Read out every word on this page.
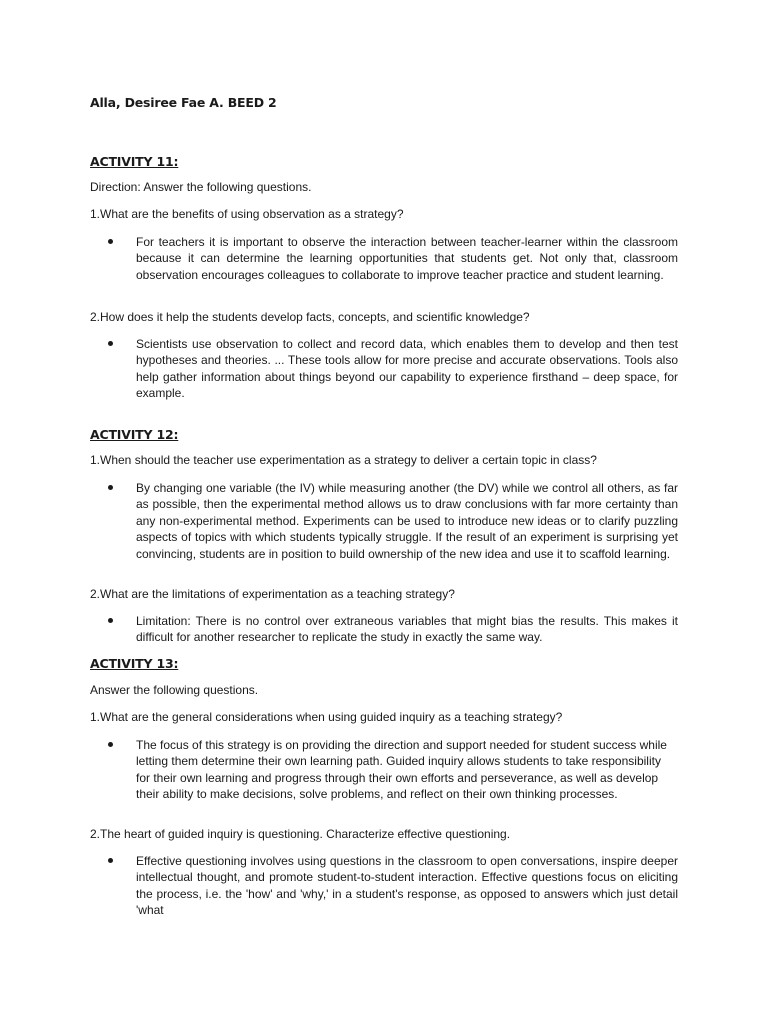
Alla, Desiree Fae A. BEED 2
ACTIVITY 11:
Direction: Answer the following questions.
1.What are the benefits of using observation as a strategy?
For teachers it is important to observe the interaction between teacher-learner within the classroom because it can determine the learning opportunities that students get. Not only that, classroom observation encourages colleagues to collaborate to improve teacher practice and student learning.
2.How does it help the students develop facts, concepts, and scientific knowledge?
Scientists use observation to collect and record data, which enables them to develop and then test hypotheses and theories. ... These tools allow for more precise and accurate observations. Tools also help gather information about things beyond our capability to experience firsthand – deep space, for example.
ACTIVITY 12:
1.When should the teacher use experimentation as a strategy to deliver a certain topic in class?
By changing one variable (the IV) while measuring another (the DV) while we control all others, as far as possible, then the experimental method allows us to draw conclusions with far more certainty than any non-experimental method. Experiments can be used to introduce new ideas or to clarify puzzling aspects of topics with which students typically struggle. If the result of an experiment is surprising yet convincing, students are in position to build ownership of the new idea and use it to scaffold learning.
2.What are the limitations of experimentation as a teaching strategy?
Limitation: There is no control over extraneous variables that might bias the results. This makes it difficult for another researcher to replicate the study in exactly the same way.
ACTIVITY 13:
Answer the following questions.
1.What are the general considerations when using guided inquiry as a teaching strategy?
The focus of this strategy is on providing the direction and support needed for student success while letting them determine their own learning path. Guided inquiry allows students to take responsibility for their own learning and progress through their own efforts and perseverance, as well as develop their ability to make decisions, solve problems, and reflect on their own thinking processes.
2.The heart of guided inquiry is questioning. Characterize effective questioning.
Effective questioning involves using questions in the classroom to open conversations, inspire deeper intellectual thought, and promote student-to-student interaction. Effective questions focus on eliciting the process, i.e. the 'how' and 'why,' in a student's response, as opposed to answers which just detail 'what
